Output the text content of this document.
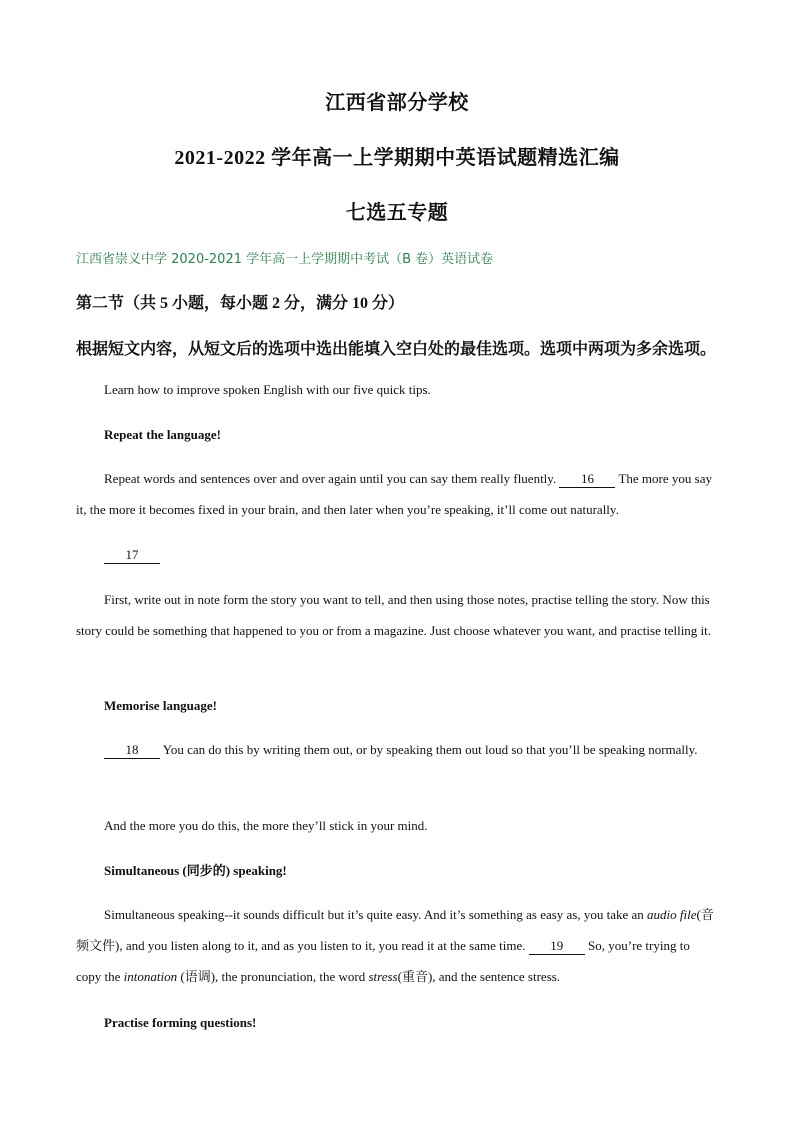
江西省部分学校
2021-2022 学年高一上学期期中英语试题精选汇编
七选五专题
江西省崇义中学 2020-2021 学年高一上学期期中考试（B 卷）英语试卷
第二节（共 5 小题，每小题 2 分，满分 10 分）
根据短文内容，从短文后的选项中选出能填入空白处的最佳选项。选项中两项为多余选项。

Learn how to improve spoken English with our five quick tips.

Repeat the language!

Repeat words and sentences over and over again until you can say them really fluently. 16 The more you say it, the more it becomes fixed in your brain, and then later when you’re speaking, it’ll come out naturally.

17

First, write out in note form the story you want to tell, and then using those notes, practise telling the story. Now this story could be something that happened to you or from a magazine. Just choose whatever you want, and practise telling it.

Memorise language!

18 You can do this by writing them out, or by speaking them out loud so that you’ll be speaking normally.

And the more you do this, the more they’ll stick in your mind.

Simultaneous (同步的) speaking!

Simultaneous speaking--it sounds difficult but it’s quite easy. And it’s something as easy as, you take an audio file(音频文件), and you listen along to it, and as you listen to it, you read it at the same time. 19 So, you’re trying to copy the intonation (语调), the pronunciation, the word stress(重音), and the sentence stress.

Practise forming questions!
